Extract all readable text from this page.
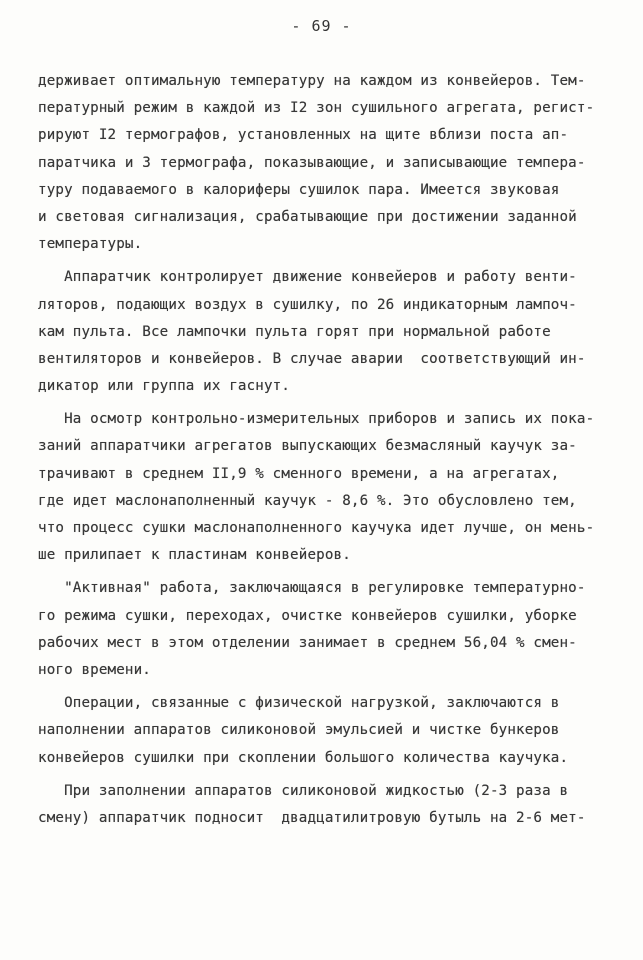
- 69 -
держивает оптимальную температуру на каждом из конвейеров. Тем-
пературный режим в каждой из I2 зон сушильного агрегата, регист-
рируют I2 термографов, установленных на щите вблизи поста ап-
паратчика и 3 термографа, показывающие, и записывающие темпера-
туру подаваемого в калориферы сушилок пара. Имеется звуковая
и световая сигнализация, срабатывающие при достижении заданной
температуры.
Аппаратчик контролирует движение конвейеров и работу венти-
ляторов, подающих воздух в сушилку, по 26 индикаторным лампоч-
кам пульта. Все лампочки пульта горят при нормальной работе
вентиляторов и конвейеров. В случае аварии  соответствующий ин-
дикатор или группа их гаснут.
На осмотр контрольно-измерительных приборов и запись их пока-
заний аппаратчики агрегатов выпускающих безмасляный каучук за-
трачивают в среднем II,9 % сменного времени, а на агрегатах,
где идет маслонаполненный каучук - 8,6 %. Это обусловлено тем,
что процесс сушки маслонаполненного каучука идет лучше, он мень-
ше прилипает к пластинам конвейеров.
"Активная" работа, заключающаяся в регулировке температурно-
го режима сушки, переходах, очистке конвейеров сушилки, уборке
рабочих мест в этом отделении занимает в среднем 56,04 % смен-
ного времени.
Операции, связанные с физической нагрузкой, заключаются в
наполнении аппаратов силиконовой эмульсией и чистке бункеров
конвейеров сушилки при скоплении большого количества каучука.
При заполнении аппаратов силиконовой жидкостью (2-3 раза в
смену) аппаратчик подносит  двадцатилитровую бутыль на 2-6 мет-
